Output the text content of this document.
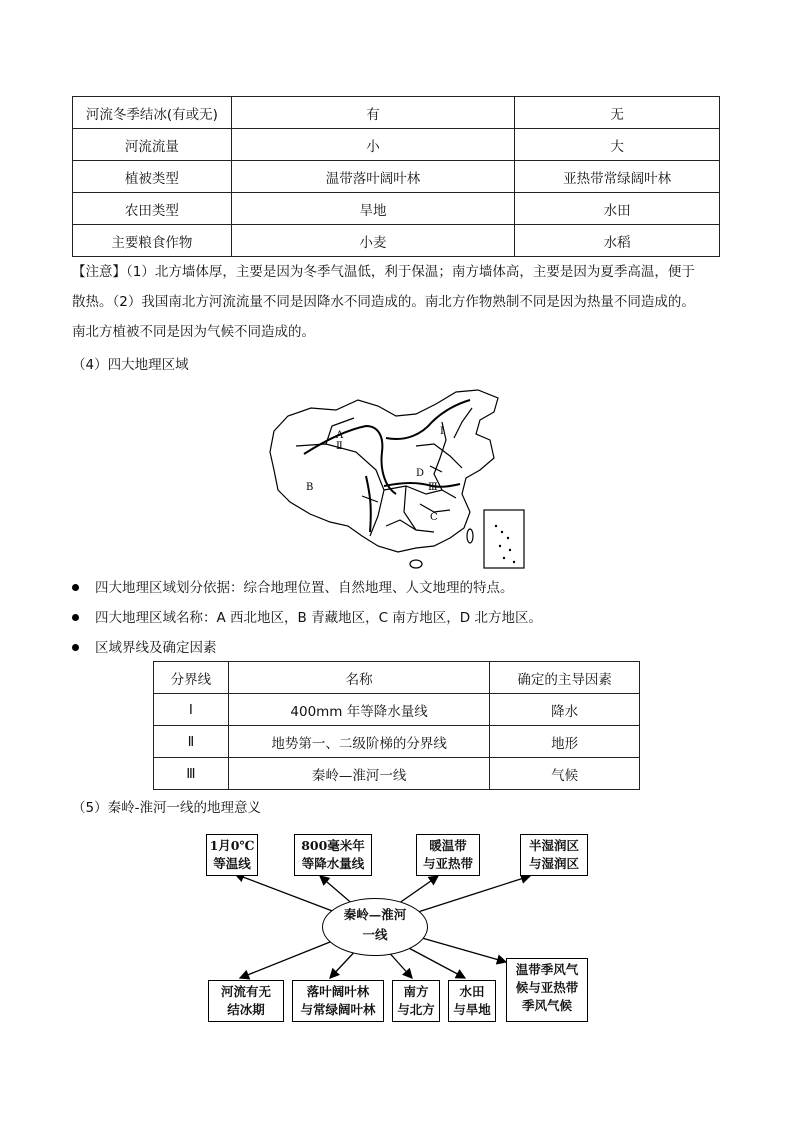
河流冬季结冰(有或无)	有	无
河流流量	小	大
植被类型	温带落叶阔叶林	亚热带常绿阔叶林
农田类型	旱地	水田
主要粮食作物	小麦	水稻
【注意】（1）北方墙体厚，主要是因为冬季气温低，利于保温；南方墙体高，主要是因为夏季高温，便于
散热。（2）我国南北方河流流量不同是因降水不同造成的。南北方作物熟制不同是因为热量不同造成的。
南北方植被不同是因为气候不同造成的。
（4）四大地理区域
A
Ⅱ
B
Ⅰ
D
Ⅲ
C
四大地理区域划分依据：综合地理位置、自然地理、人文地理的特点。
四大地理区域名称：A 西北地区，B 青藏地区，C 南方地区，D 北方地区。
区域界线及确定因素
分界线	名称	确定的主导因素
Ⅰ	400mm 年等降水量线	降水
Ⅱ	地势第一、二级阶梯的分界线	地形
Ⅲ	秦岭—淮河一线	气候
（5）秦岭-淮河一线的地理意义
1月0℃
等温线
800毫米年
等降水量线
暖温带
与亚热带
半湿润区
与湿润区
秦岭—淮河
一线
河流有无
结冰期
落叶阔叶林
与常绿阔叶林
南方
与北方
水田
与旱地
温带季风气
候与亚热带
季风气候
